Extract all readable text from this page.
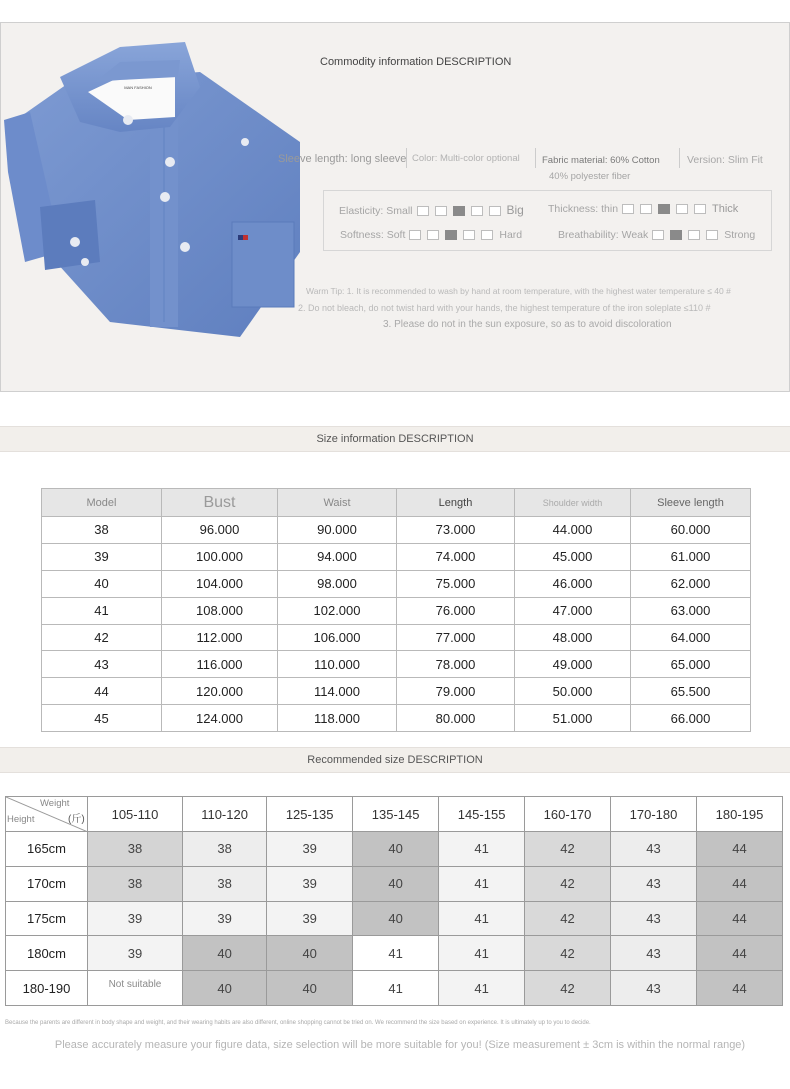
MAN FASHION
Commodity information DESCRIPTION
Sleeve length: long sleeve Color: Multi-color optional Fabric material: 60% Cotton
40% polyester fiber
Version: Slim Fit
Elasticity: Small	Big Thickness: thin	Thick
Softness: Soft	Hard	Breathability: Weak	Strong
Warm Tip: 1. It is recommended to wash by hand at room temperature, with the highest water temperature ≤ 40 #
2. Do not bleach, do not twist hard with your hands, the highest temperature of the iron soleplate ≤110 #
3. Please do not in the sun exposure, so as to avoid discoloration
Size information DESCRIPTION
Model	Bust	Waist	Length	Shoulder width	Sleeve length
38	96.000	90.000	73.000	44.000	60.000
39	100.000	94.000	74.000	45.000	61.000
40	104.000	98.000	75.000	46.000	62.000
41	108.000	102.000	76.000	47.000	63.000
42	112.000	106.000	77.000	48.000	64.000
43	116.000	110.000	78.000	49.000	65.000
44	120.000	114.000	79.000	50.000	65.500
45	124.000	118.000	80.000	51.000	66.000
Recommended size DESCRIPTION
Weight
(斤)
Height	105-110	110-120	125-135	135-145	145-155	160-170	170-180	180-195
165cm	38	38	39	40	41	42	43	44
170cm	38	38	39	40	41	42	43	44
175cm	39	39	39	40	41	42	43	44
180cm	39	40	40	41	41	42	43	44
180-190	Not suitable	40	40	41	41	42	43	44
Because the parents are different in body shape and weight, and their wearing habits are also different, online shopping cannot be tried on. We recommend the size based on experience. It is ultimately up to you to decide.
Please accurately measure your figure data, size selection will be more suitable for you! (Size measurement ± 3cm is within the normal range)
